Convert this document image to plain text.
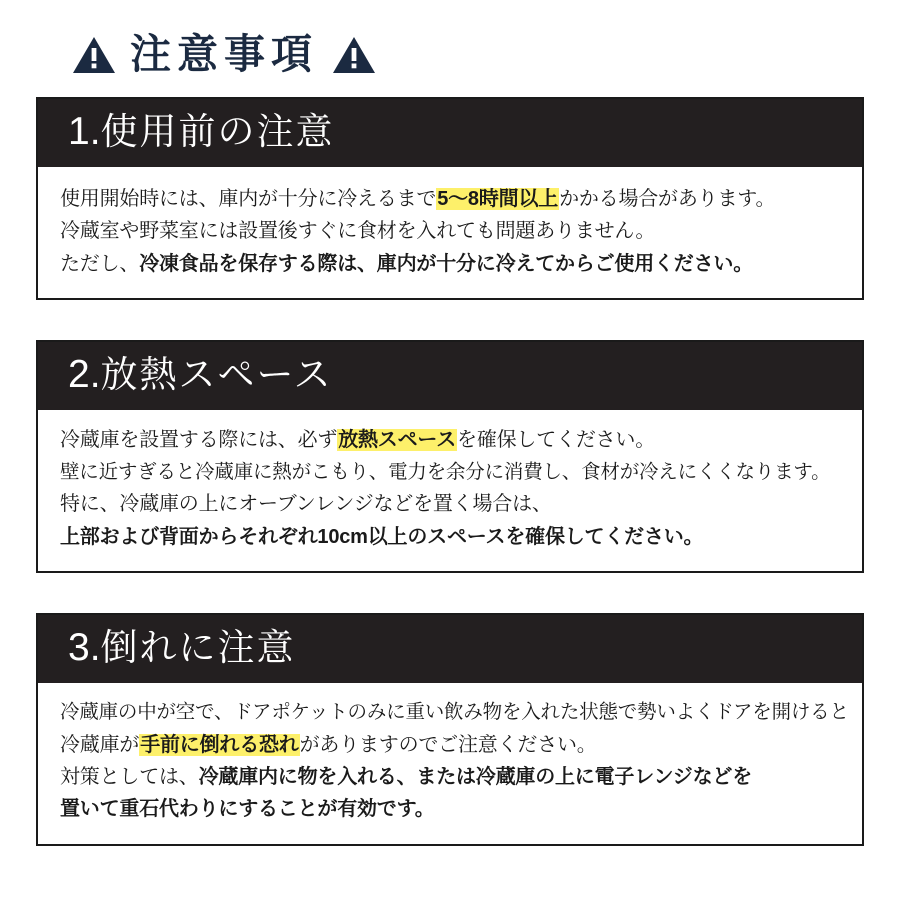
注意事項
1.使用前の注意
使用開始時には、庫内が十分に冷えるまで5〜8時間以上かかる場合があります。
冷蔵室や野菜室には設置後すぐに食材を入れても問題ありません。
ただし、冷凍食品を保存する際は、庫内が十分に冷えてからご使用ください。
2.放熱スペース
冷蔵庫を設置する際には、必ず放熱スペースを確保してください。
壁に近すぎると冷蔵庫に熱がこもり、電力を余分に消費し、食材が冷えにくくなります。
特に、冷蔵庫の上にオーブンレンジなどを置く場合は、
上部および背面からそれぞれ10cm以上のスペースを確保してください。
3.倒れに注意
冷蔵庫の中が空で、ドアポケットのみに重い飲み物を入れた状態で勢いよくドアを開けると
冷蔵庫が手前に倒れる恐れがありますのでご注意ください。
対策としては、冷蔵庫内に物を入れる、または冷蔵庫の上に電子レンジなどを
置いて重石代わりにすることが有効です。
